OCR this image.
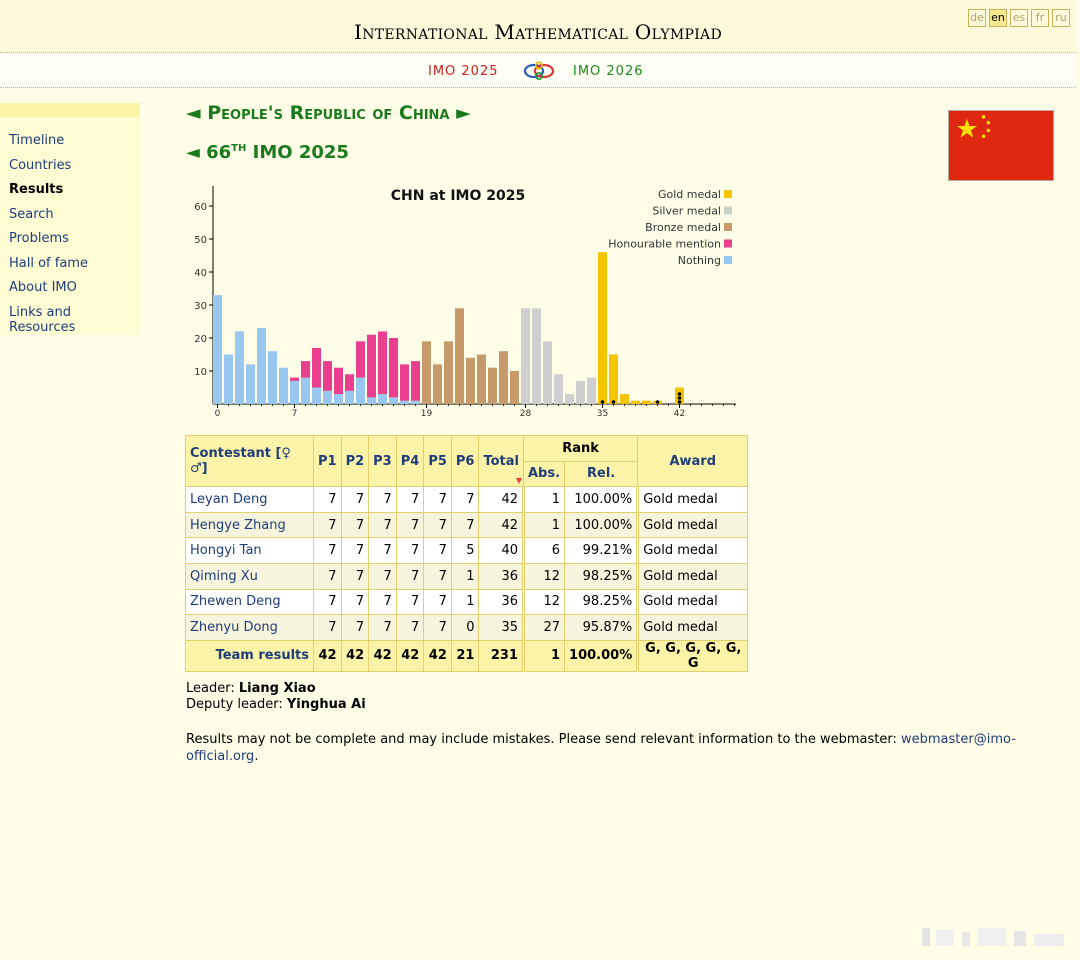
International Mathematical Olympiad
de en es fr	ru
IMO 2025	IMO 2026
Timeline
Countries
Results
Search
Problems
Hall of fame
About IMO
Links and Resources
◄ People's Republic of China ►
◄ 66TH IMO 2025
10
20
30
40
50
60
0	7	19	28	35	42
CHN at IMO 2025	Gold medal
Silver medal
Bronze medal
Honourable mention
Nothing
Contestant [♀ ♂]	P1	P2	P3	P4	P5	P6	Total
▼	Rank		Award
								Abs.	Rel.	
Leyan Deng	7	7	7	7	7	7	42	1	100.00%	Gold medal
Hengye Zhang	7	7	7	7	7	7	42	1	100.00%	Gold medal
Hongyi Tan	7	7	7	7	7	5	40	6	99.21%	Gold medal
Qiming Xu	7	7	7	7	7	1	36	12	98.25%	Gold medal
Zhewen Deng	7	7	7	7	7	1	36	12	98.25%	Gold medal
Zhenyu Dong	7	7	7	7	7	0	35	27	95.87%	Gold medal
Team results	42	42	42	42	42	21	231	1	100.00%	G, G, G, G, G, G
Leader: Liang Xiao
Deputy leader: Yinghua Ai
Results may not be complete and may include mistakes. Please send relevant information to the webmaster: webmaster@imo-official.org.
